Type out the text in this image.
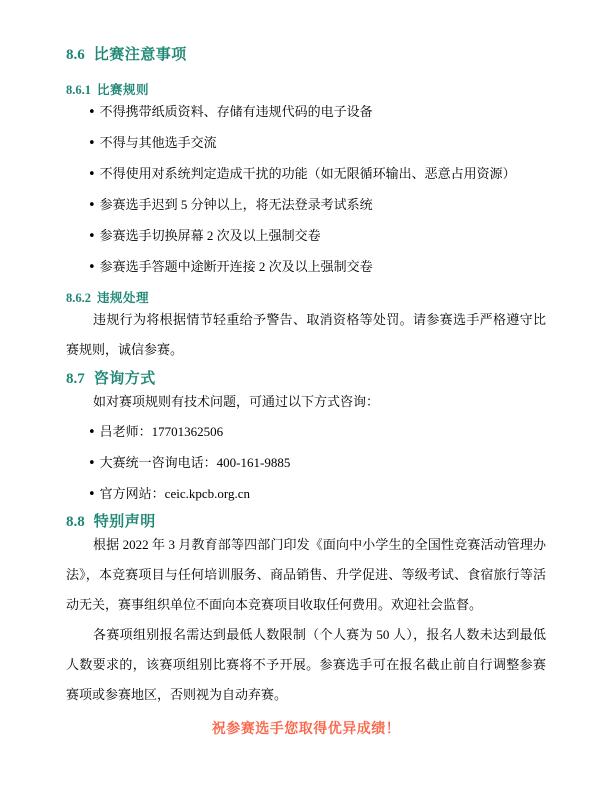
8.6 比赛注意事项
8.6.1 比赛规则
• 不得携带纸质资料、存储有违规代码的电子设备
• 不得与其他选手交流
• 不得使用对系统判定造成干扰的功能（如无限循环输出、恶意占用资源）
• 参赛选手迟到 5 分钟以上，将无法登录考试系统
• 参赛选手切换屏幕 2 次及以上强制交卷
• 参赛选手答题中途断开连接 2 次及以上强制交卷
8.6.2 违规处理

违规行为将根据情节轻重给予警告、取消资格等处罚。请参赛选手严格遵守比赛规则，诚信参赛。

8.7 咨询方式

如对赛项规则有技术问题，可通过以下方式咨询：

• 吕老师：17701362506
• 大赛统一咨询电话：400-161-9885
• 官方网站：ceic.kpcb.org.cn
8.8 特别声明

根据 2022 年 3 月教育部等四部门印发《面向中小学生的全国性竞赛活动管理办法》，本竞赛项目与任何培训服务、商品销售、升学促进、等级考试、食宿旅行等活动无关，赛事组织单位不面向本竞赛项目收取任何费用。欢迎社会监督。

各赛项组别报名需达到最低人数限制（个人赛为 50 人），报名人数未达到最低人数要求的，该赛项组别比赛将不予开展。参赛选手可在报名截止前自行调整参赛赛项或参赛地区，否则视为自动弃赛。

祝参赛选手您取得优异成绩！
